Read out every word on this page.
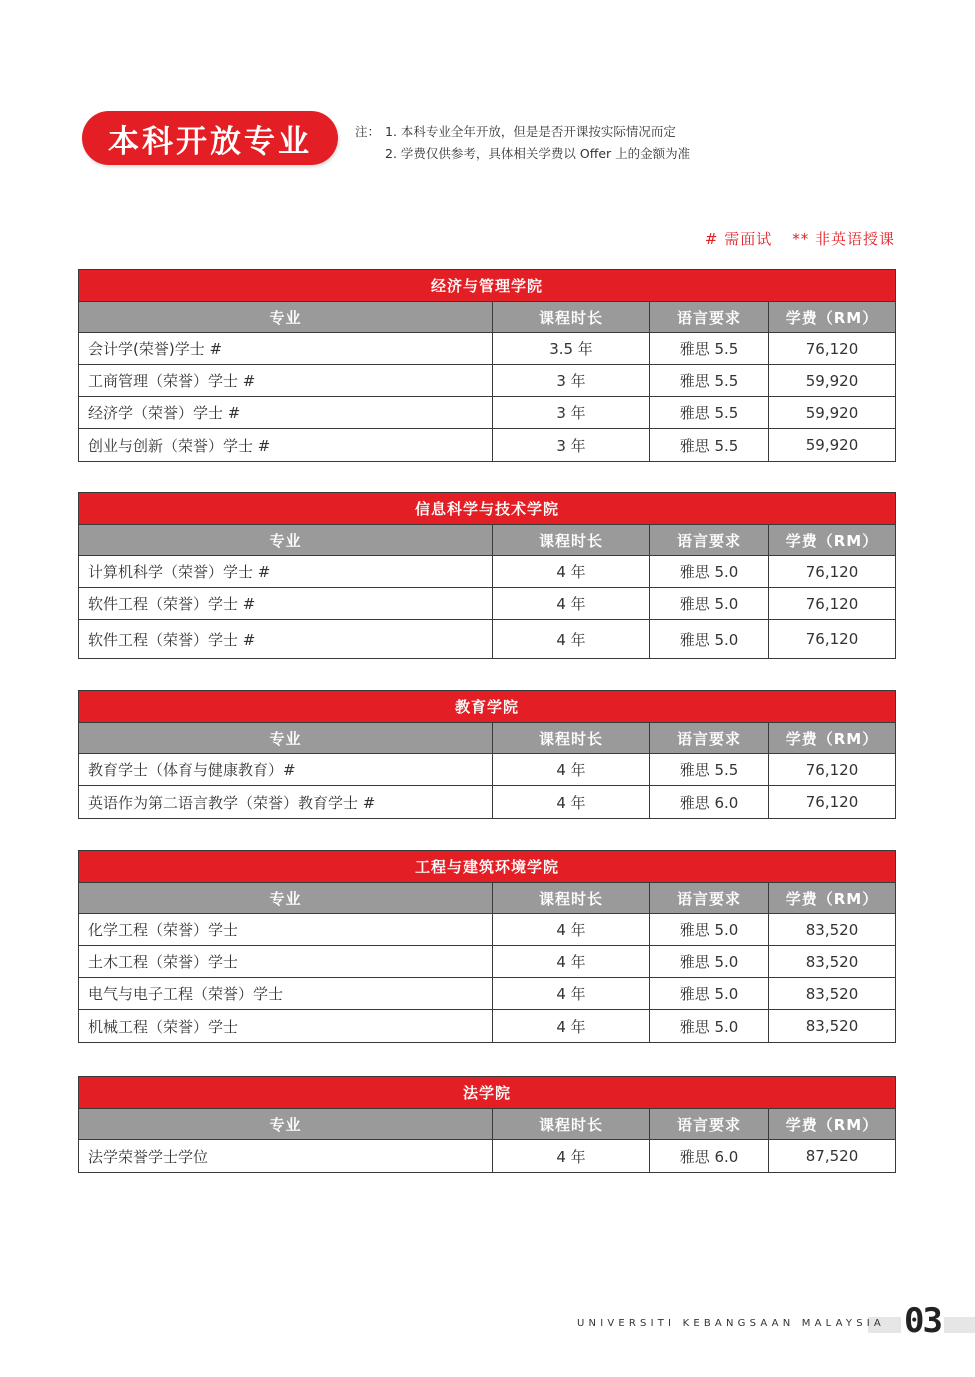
本科开放专业	注： 1. 本科专业全年开放，但是是否开课按实际情况而定
2. 学费仅供参考，具体相关学费以 Offer 上的金额为准
# 需面试 ** 非英语授课
经济与管理学院
专业	课程时长	语言要求	学费（RM）
会计学(荣誉)学士 #	3.5 年	雅思 5.5	76,120
工商管理（荣誉）学士 #	3 年	雅思 5.5	59,920
经济学（荣誉）学士 #	3 年	雅思 5.5	59,920
创业与创新（荣誉）学士 #	3 年	雅思 5.5	59,920
信息科学与技术学院
专业	课程时长	语言要求	学费（RM）
计算机科学（荣誉）学士 #	4 年	雅思 5.0	76,120
软件工程（荣誉）学士 #	4 年	雅思 5.0	76,120
软件工程（荣誉）学士 #	4 年	雅思 5.0	76,120
教育学院
专业	课程时长	语言要求	学费（RM）
教育学士（体育与健康教育）#	4 年	雅思 5.5	76,120
英语作为第二语言教学（荣誉）教育学士 #	4 年	雅思 6.0	76,120
工程与建筑环境学院
专业	课程时长	语言要求	学费（RM）
化学工程（荣誉）学士	4 年	雅思 5.0	83,520
土木工程（荣誉）学士	4 年	雅思 5.0	83,520
电气与电子工程（荣誉）学士	4 年	雅思 5.0	83,520
机械工程（荣誉）学士	4 年	雅思 5.0	83,520
法学院
专业	课程时长	语言要求	学费（RM）
法学荣誉学士学位	4 年	雅思 6.0	87,520
UNIVERSITI KEBANGSAAN MALAYSIA 03
